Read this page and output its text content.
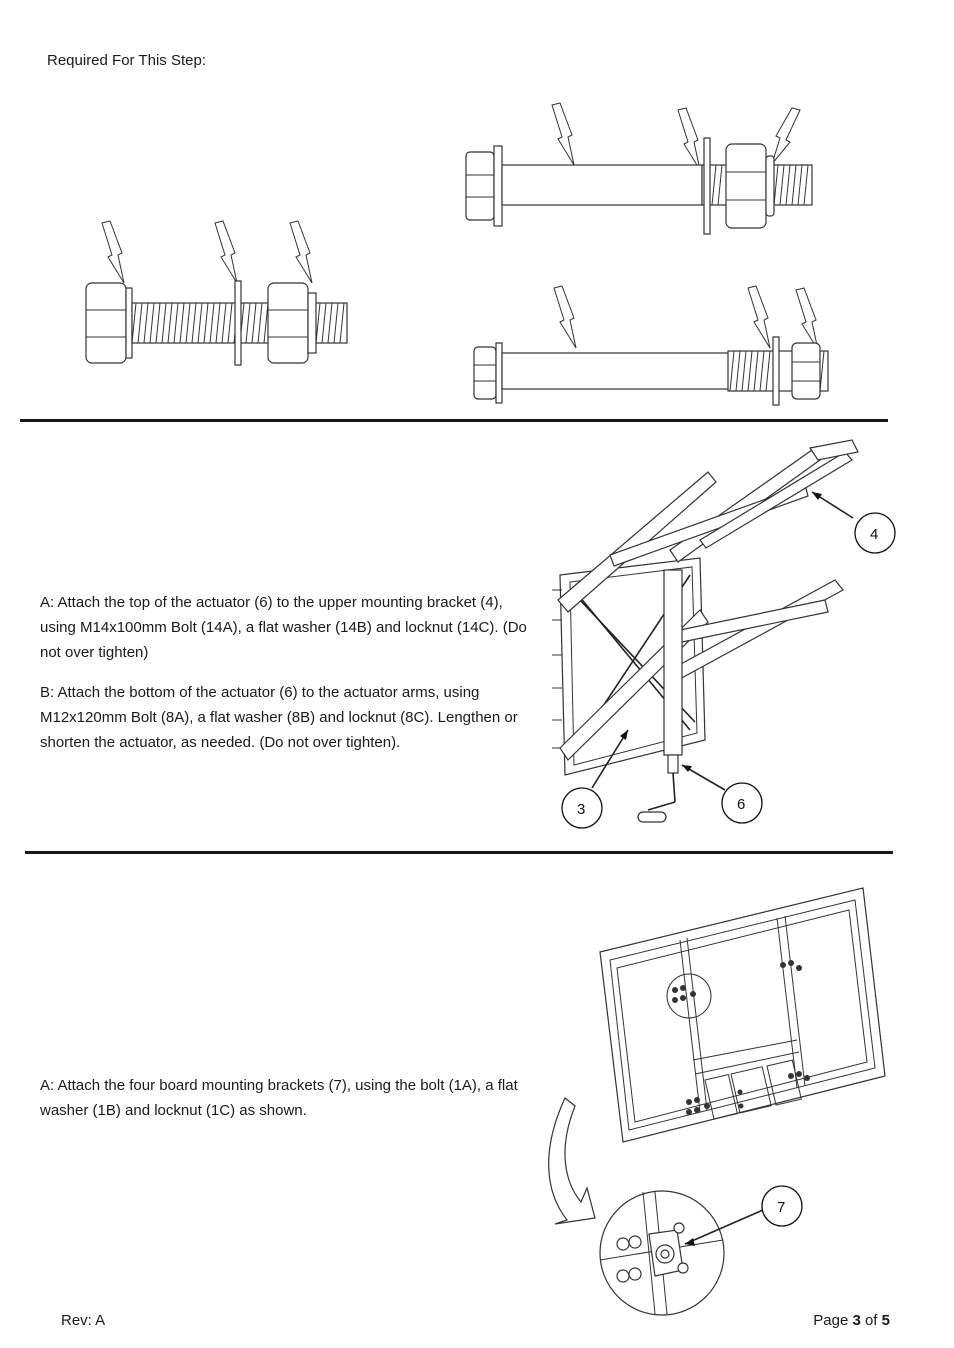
Required For This Step:
A: Attach the top of the actuator (6) to the upper mounting bracket (4), using M14x100mm Bolt (14A), a flat washer (14B) and locknut (14C). (Do not over tighten)
B: Attach the bottom of the actuator (6) to the actuator arms, using M12x120mm Bolt (8A), a flat washer (8B) and locknut (8C). Lengthen or shorten the actuator, as needed. (Do not over tighten).
4
3	6
A: Attach the four board mounting brackets (7), using the bolt (1A), a flat washer (1B) and locknut (1C) as shown.
7
Rev: A	Page 3 of 5
